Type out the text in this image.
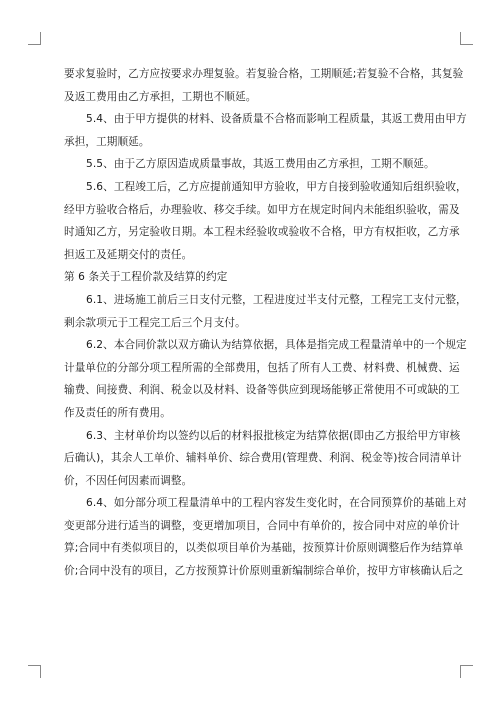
要求复验时，乙方应按要求办理复验。若复验合格，工期顺延;若复验不合格，其复验
及返工费用由乙方承担，工期也不顺延。

5.4、由于甲方提供的材料、设备质量不合格而影响工程质量，其返工费用由甲方
承担，工期顺延。

5.5、由于乙方原因造成质量事故，其返工费用由乙方承担，工期不顺延。

5.6、工程竣工后，乙方应提前通知甲方验收，甲方自接到验收通知后组织验收，
经甲方验收合格后，办理验收、移交手续。如甲方在规定时间内未能组织验收，需及
时通知乙方，另定验收日期。本工程未经验收或验收不合格，甲方有权拒收，乙方承
担返工及延期交付的责任。

第 6 条关于工程价款及结算的约定

6.1、进场施工前后三日支付元整，工程进度过半支付元整，工程完工支付元整，
剩余款项元于工程完工后三个月支付。

6.2、本合同价款以双方确认为结算依据，具体是指完成工程量清单中的一个规定
计量单位的分部分项工程所需的全部费用，包括了所有人工费、材料费、机械费、运
输费、间接费、利润、税金以及材料、设备等供应到现场能够正常使用不可或缺的工
作及责任的所有费用。

6.3、主材单价均以签约以后的材料报批核定为结算依据(即由乙方报给甲方审核
后确认)，其余人工单价、辅料单价、综合费用(管理费、利润、税金等)按合同清单计
价，不因任何因素而调整。

6.4、如分部分项工程量清单中的工程内容发生变化时，在合同预算价的基础上对
变更部分进行适当的调整，变更增加项目，合同中有单价的，按合同中对应的单价计
算;合同中有类似项目的，以类似项目单价为基础，按预算计价原则调整后作为结算单
价;合同中没有的项目，乙方按预算计价原则重新编制综合单价，按甲方审核确认后之
